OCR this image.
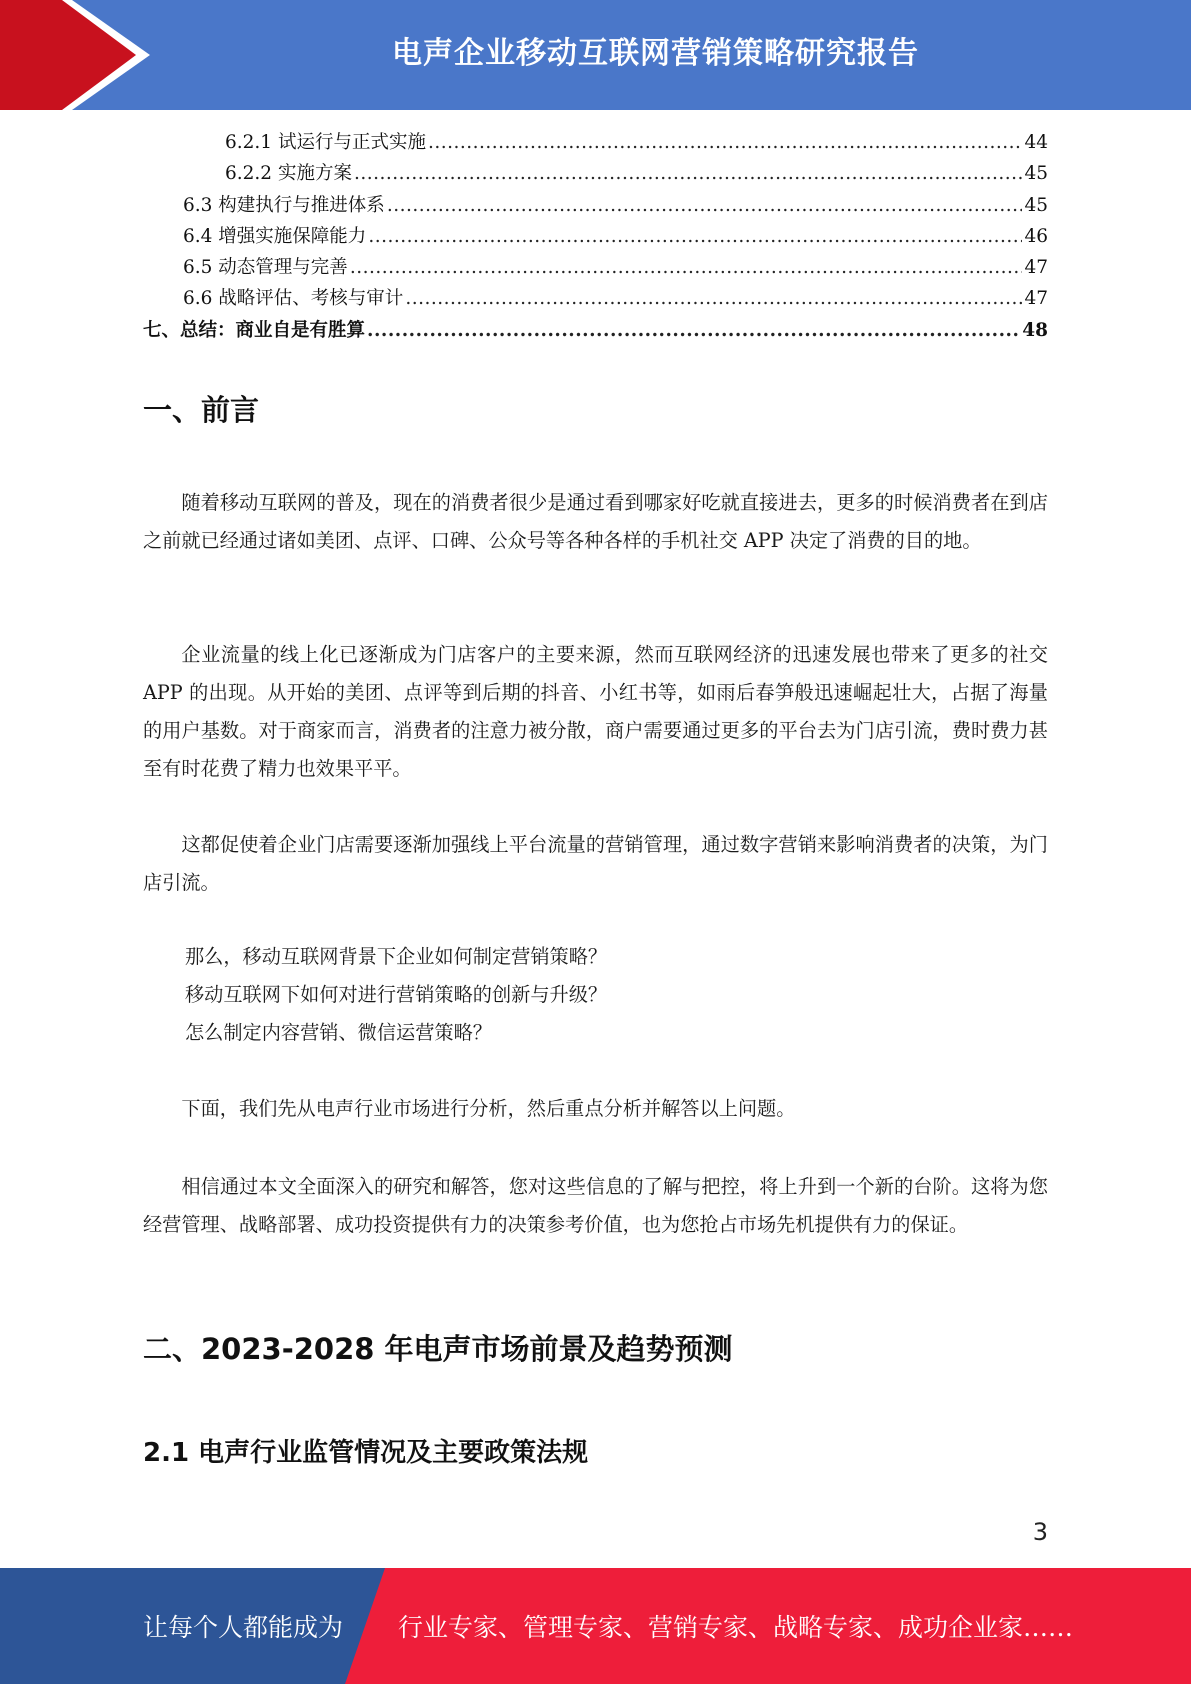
电声企业移动互联网营销策略研究报告
6.2.1 试运行与正式实施 .....	44
6.2.2 实施方案 .....	45
6.3 构建执行与推进体系 .....	45
6.4 增强实施保障能力 .....	46
6.5 动态管理与完善 .....	47
6.6 战略评估、考核与审计 .....	47
七、总结：商业自是有胜算 .....	48
一、前言

随着移动互联网的普及，现在的消费者很少是通过看到哪家好吃就直接进去，更多的时候消费者在到店之前就已经通过诸如美团、点评、口碑、公众号等各种各样的手机社交 APP 决定了消费的目的地。

企业流量的线上化已逐渐成为门店客户的主要来源，然而互联网经济的迅速发展也带来了更多的社交 APP 的出现。从开始的美团、点评等到后期的抖音、小红书等，如雨后春笋般迅速崛起壮大，占据了海量的用户基数。对于商家而言，消费者的注意力被分散，商户需要通过更多的平台去为门店引流，费时费力甚至有时花费了精力也效果平平。

这都促使着企业门店需要逐渐加强线上平台流量的营销管理，通过数字营销来影响消费者的决策，为门店引流。

那么，移动互联网背景下企业如何制定营销策略？
移动互联网下如何对进行营销策略的创新与升级？
怎么制定内容营销、微信运营策略？

下面，我们先从电声行业市场进行分析，然后重点分析并解答以上问题。

相信通过本文全面深入的研究和解答，您对这些信息的了解与把控，将上升到一个新的台阶。这将为您经营管理、战略部署、成功投资提供有力的决策参考价值，也为您抢占市场先机提供有力的保证。

二、2023-2028 年电声市场前景及趋势预测
2.1 电声行业监管情况及主要政策法规
3
让每个人都能成为 行业专家、管理专家、营销专家、战略专家、成功企业家……
